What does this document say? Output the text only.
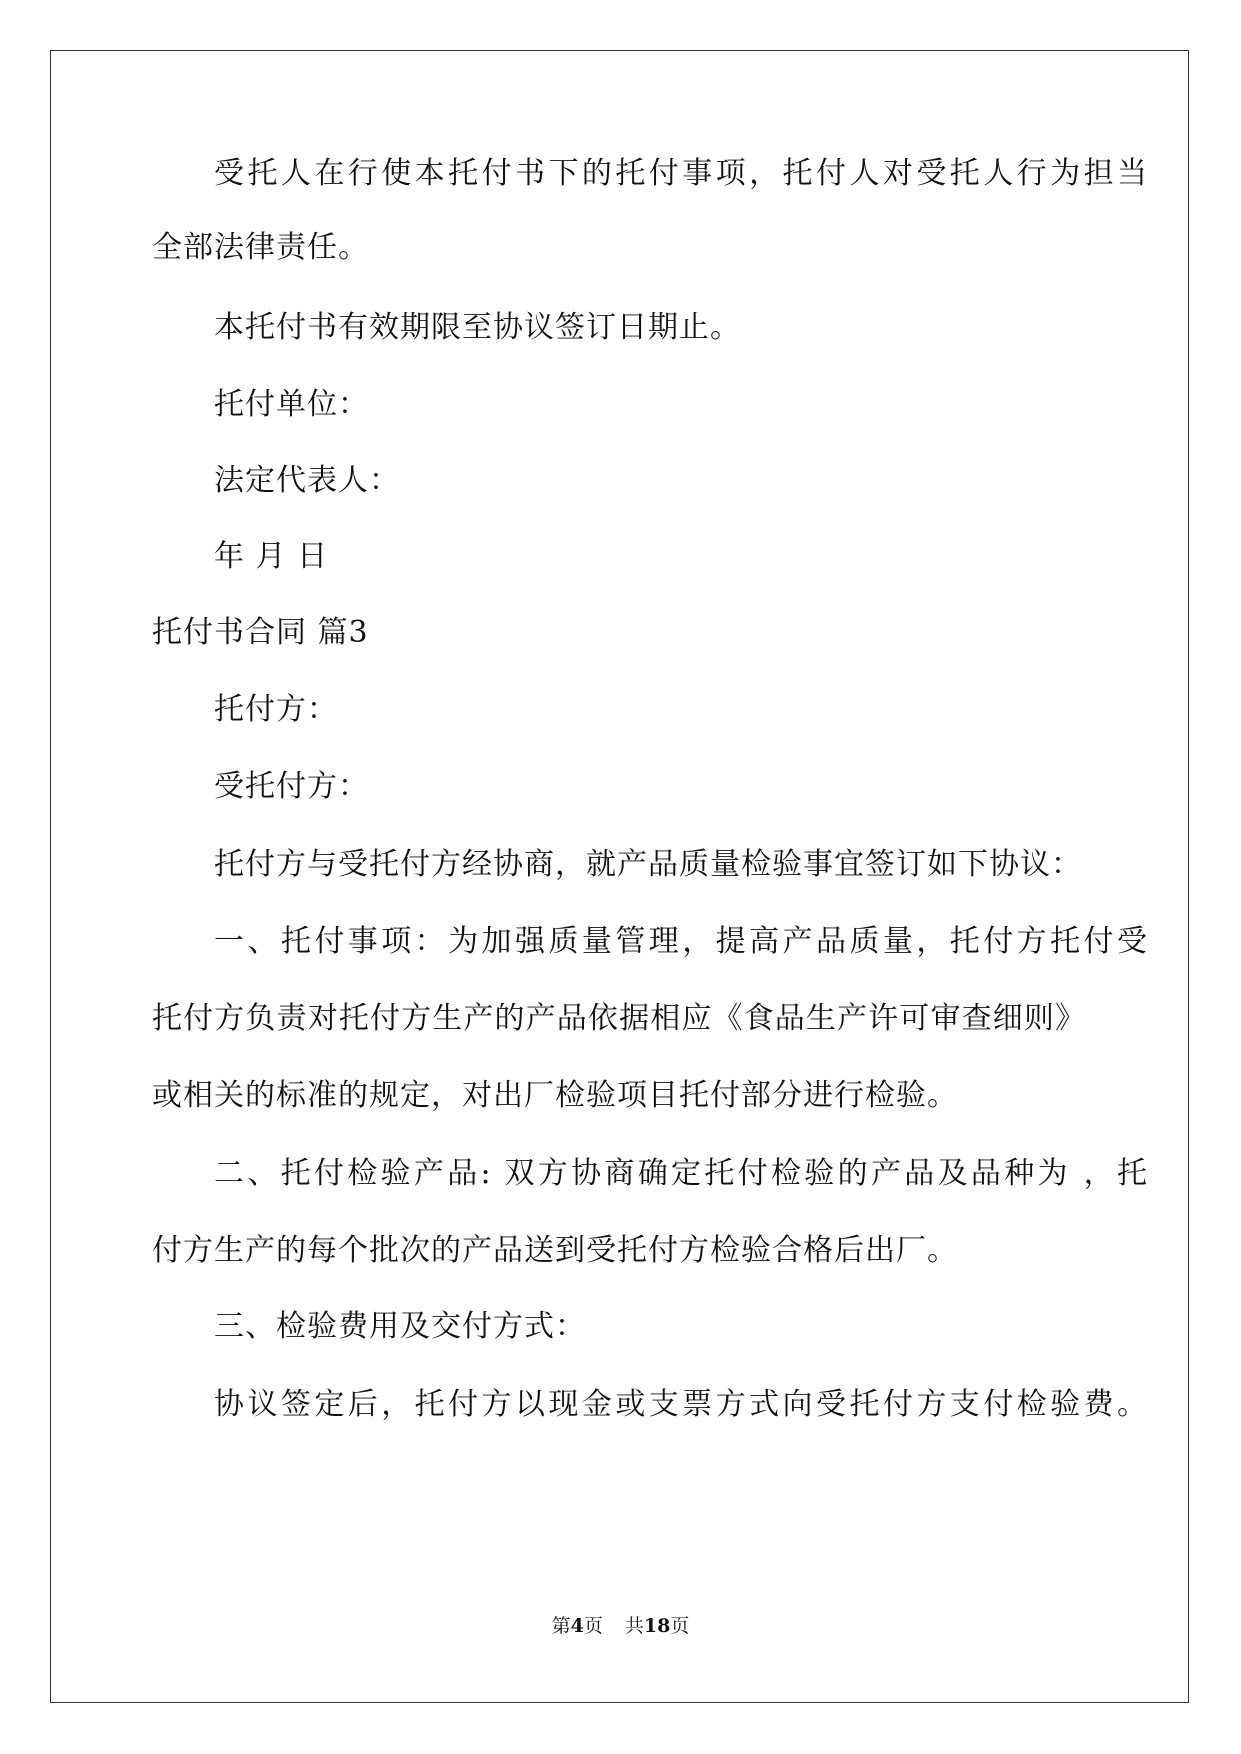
受托人在行使本托付书下的托付事项，托付人对受托人行为担当

全部法律责任。

本托付书有效期限至协议签订日期止。

托付单位：

法定代表人：

年 月 日

托付书合同 篇3

托付方：

受托付方：

托付方与受托付方经协商，就产品质量检验事宜签订如下协议：

一、托付事项：为加强质量管理，提高产品质量，托付方托付受

托付方负责对托付方生产的产品依据相应《食品生产许可审查细则》

或相关的标准的规定，对出厂检验项目托付部分进行检验。

二、托付检验产品: 双方协商确定托付检验的产品及品种为 ，托

付方生产的每个批次的产品送到受托付方检验合格后出厂。

三、检验费用及交付方式：

协议签定后，托付方以现金或支票方式向受托付方支付检验费。

第4页 共18页
